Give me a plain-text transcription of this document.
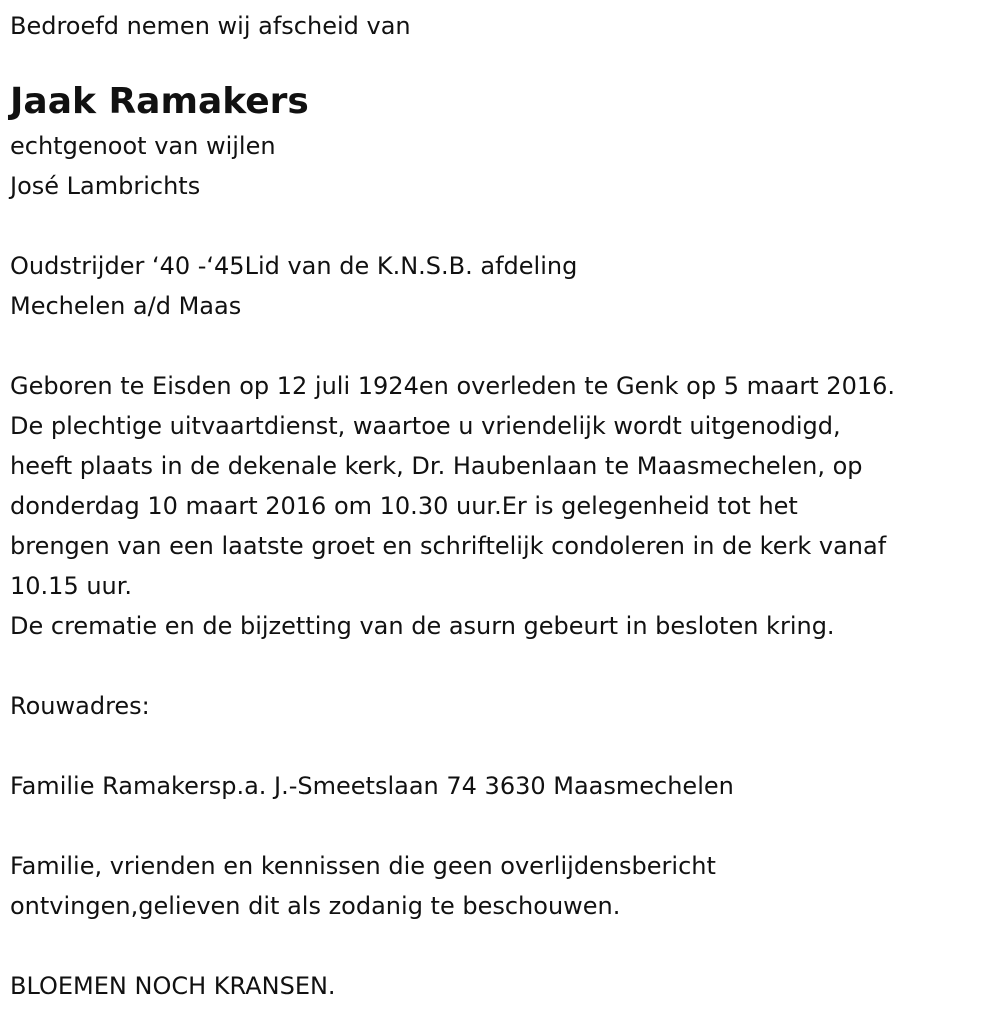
Bedroefd nemen wij afscheid van

Jaak Ramakers

echtgenoot van wijlen

José Lambrichts

Oudstrijder ‘40 -‘45Lid van de K.N.S.B. afdeling

Mechelen a/d Maas

Geboren te Eisden op 12 juli 1924en overleden te Genk op 5 maart 2016.

De plechtige uitvaartdienst, waartoe u vriendelijk wordt uitgenodigd,

heeft plaats in de dekenale kerk, Dr. Haubenlaan te Maasmechelen, op

donderdag 10 maart 2016 om 10.30 uur.Er is gelegenheid tot het

brengen van een laatste groet en schriftelijk condoleren in de kerk vanaf

10.15 uur.

De crematie en de bijzetting van de asurn gebeurt in besloten kring.

Rouwadres:

Familie Ramakersp.a. J.-Smeetslaan 74 3630 Maasmechelen

Familie, vrienden en kennissen die geen overlijdensbericht

ontvingen,gelieven dit als zodanig te beschouwen.

BLOEMEN NOCH KRANSEN.
